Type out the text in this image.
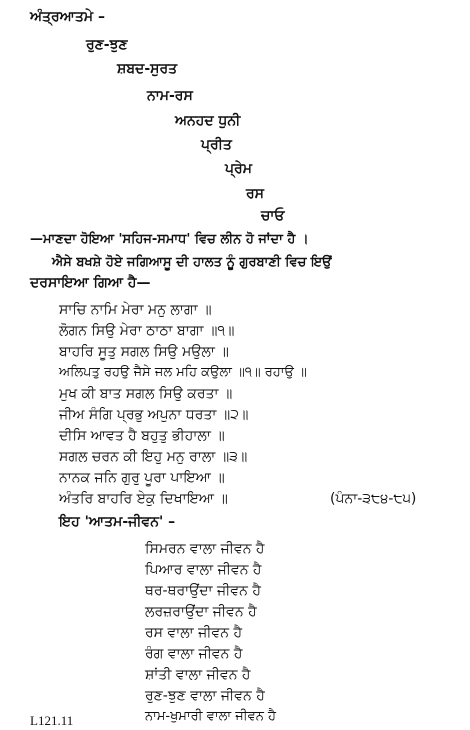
ਅੰਤ੍ਰਆਤਮੇ –
ਰੁਣ-ਝੁਣ
ਸ਼ਬਦ-ਸੁਰਤ
ਨਾਮ-ਰਸ
ਅਨਹਦ ਧੁਨੀ
ਪ੍ਰੀਤ
ਪ੍ਰੇਮ
ਰਸ
ਚਾਓ
—ਮਾਣਦਾ ਹੋਇਆ 'ਸਹਿਜ-ਸਮਾਧ' ਵਿਚ ਲੀਨ ਹੋ ਜਾਂਦਾ ਹੈ ।
ਐਸੇ ਬਖਸ਼ੇ ਹੋਏ ਜਗਿਆਸੂ ਦੀ ਹਾਲਤ ਨੂੰ ਗੁਰਬਾਣੀ ਵਿਚ ਇਉਂ
ਦਰਸਾਇਆ ਗਿਆ ਹੈ—
ਸਾਚਿ ਨਾਮਿ ਮੇਰਾ ਮਨੁ ਲਾਗਾ ॥
ਲੋਗਨ ਸਿਉ ਮੇਰਾ ਠਾਠਾ ਬਾਗਾ ॥੧॥
ਬਾਹਰਿ ਸੂਤੁ ਸਗਲ ਸਿਉ ਮਉਲਾ ॥
ਅਲਿਪਤੁ ਰਹਉ ਜੈਸੇ ਜਲ ਮਹਿ ਕਉਲਾ ॥੧॥ ਰਹਾਉ ॥
ਮੁਖ ਕੀ ਬਾਤ ਸਗਲ ਸਿਉ ਕਰਤਾ ॥
ਜੀਅ ਸੰਗਿ ਪ੍ਰਭੁ ਅਪੁਨਾ ਧਰਤਾ ॥੨॥
ਦੀਸਿ ਆਵਤ ਹੈ ਬਹੁਤੁ ਭੀਹਾਲਾ ॥
ਸਗਲ ਚਰਨ ਕੀ ਇਹੁ ਮਨੁ ਰਾਲਾ ॥੩॥
ਨਾਨਕ ਜਨਿ ਗੁਰੁ ਪੂਰਾ ਪਾਇਆ ॥
ਅੰਤਰਿ ਬਾਹਰਿ ਏਕੁ ਦਿਖਾਇਆ ॥	(ਪੰਨਾ-੩੮੪-੮੫)
ਇਹ 'ਆਤਮ-ਜੀਵਨ' –
ਸਿਮਰਨ ਵਾਲਾ ਜੀਵਨ ਹੈ
ਪਿਆਰ ਵਾਲਾ ਜੀਵਨ ਹੈ
ਥਰ-ਥਰਾਉਂਦਾ ਜੀਵਨ ਹੈ
ਲਰਜ਼ਰਾਉਂਦਾ ਜੀਵਨ ਹੈ
ਰਸ ਵਾਲਾ ਜੀਵਨ ਹੈ
ਰੰਗ ਵਾਲਾ ਜੀਵਨ ਹੈ
ਸ਼ਾਂਤੀ ਵਾਲਾ ਜੀਵਨ ਹੈ
ਰੁਣ-ਝੁਣ ਵਾਲਾ ਜੀਵਨ ਹੈ
ਨਾਮ-ਖੁਮਾਰੀ ਵਾਲਾ ਜੀਵਨ ਹੈ
L121.11
